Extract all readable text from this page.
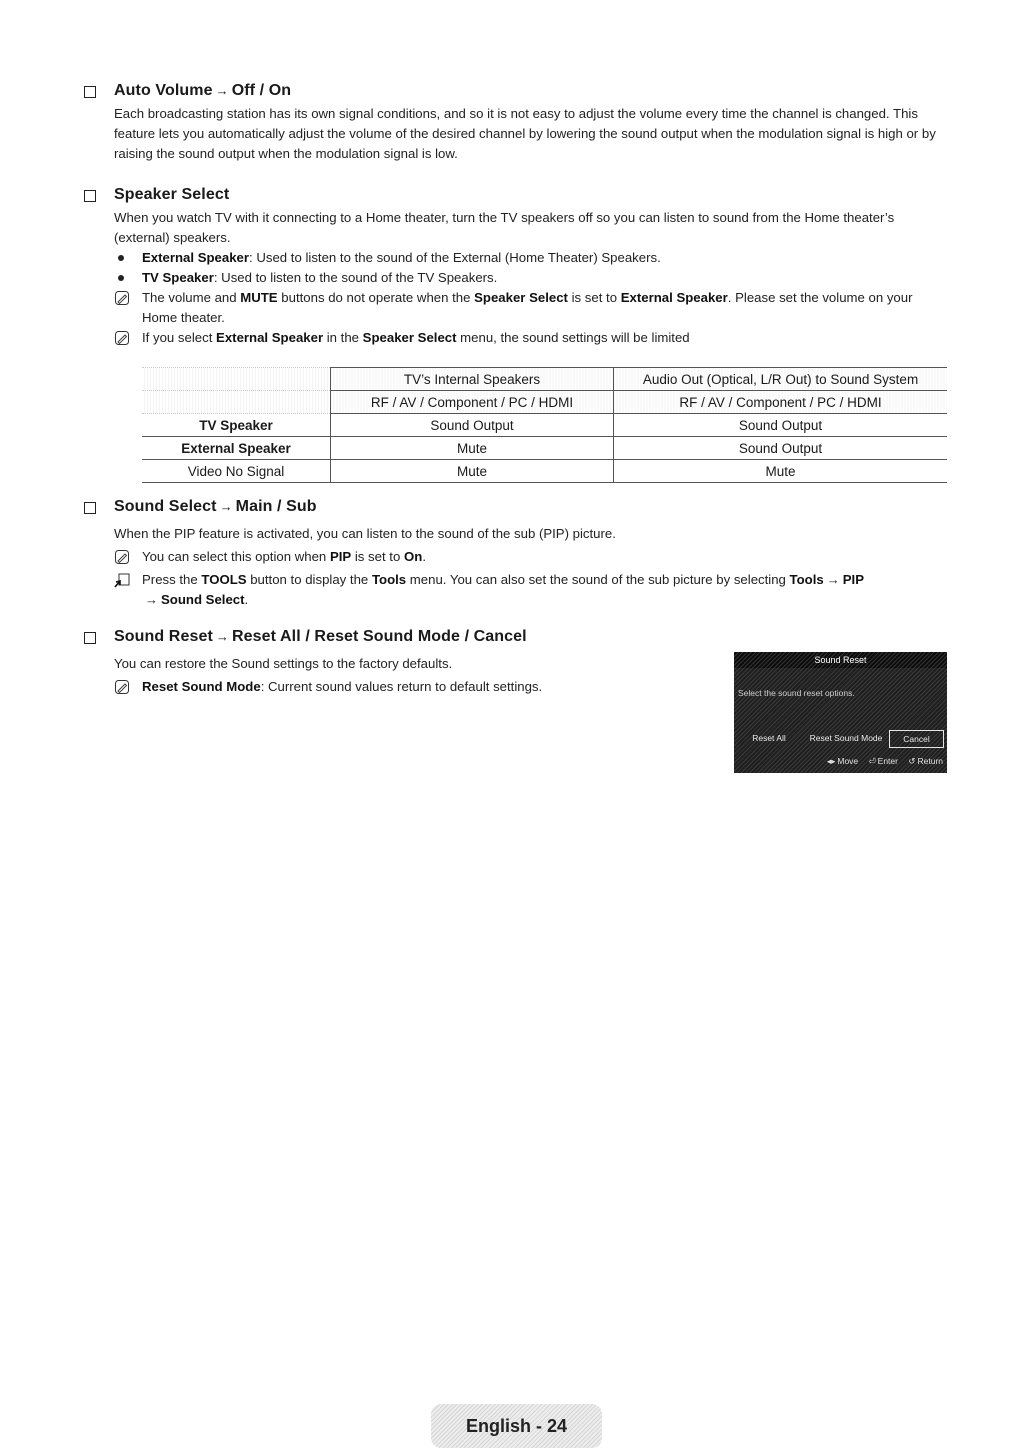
Auto Volume → Off / On

Each broadcasting station has its own signal conditions, and so it is not easy to adjust the volume every time the channel is changed. This feature lets you automatically adjust the volume of the desired channel by lowering the sound output when the modulation signal is high or by raising the sound output when the modulation signal is low.

Speaker Select

When you watch TV with it connecting to a Home theater, turn the TV speakers off so you can listen to sound from the Home theater’s (external) speakers.

External Speaker: Used to listen to the sound of the External (Home Theater) Speakers.
TV Speaker: Used to listen to the sound of the TV Speakers.
The volume and MUTE buttons do not operate when the Speaker Select is set to External Speaker. Please set the volume on your Home theater.
If you select External Speaker in the Speaker Select menu, the sound settings will be limited
	TV’s Internal Speakers	Audio Out (Optical, L/R Out) to Sound System
	RF / AV / Component / PC / HDMI	RF / AV / Component / PC / HDMI
TV Speaker	Sound Output	Sound Output
External Speaker	Mute	Sound Output
Video No Signal	Mute	Mute
Sound Select → Main / Sub

When the PIP feature is activated, you can listen to the sound of the sub (PIP) picture.

You can select this option when PIP is set to On.
Press the TOOLS button to display the Tools menu. You can also set the sound of the sub picture by selecting Tools → PIP
→ Sound Select.
Sound Reset → Reset All / Reset Sound Mode / Cancel

You can restore the Sound settings to the factory defaults.

Reset Sound Mode: Current sound values return to default settings.
Sound Reset
Select the sound reset options.
Reset All	Reset Sound Mode	Cancel
◂▸ Move ⏎ Enter ↺ Return
English - 24
